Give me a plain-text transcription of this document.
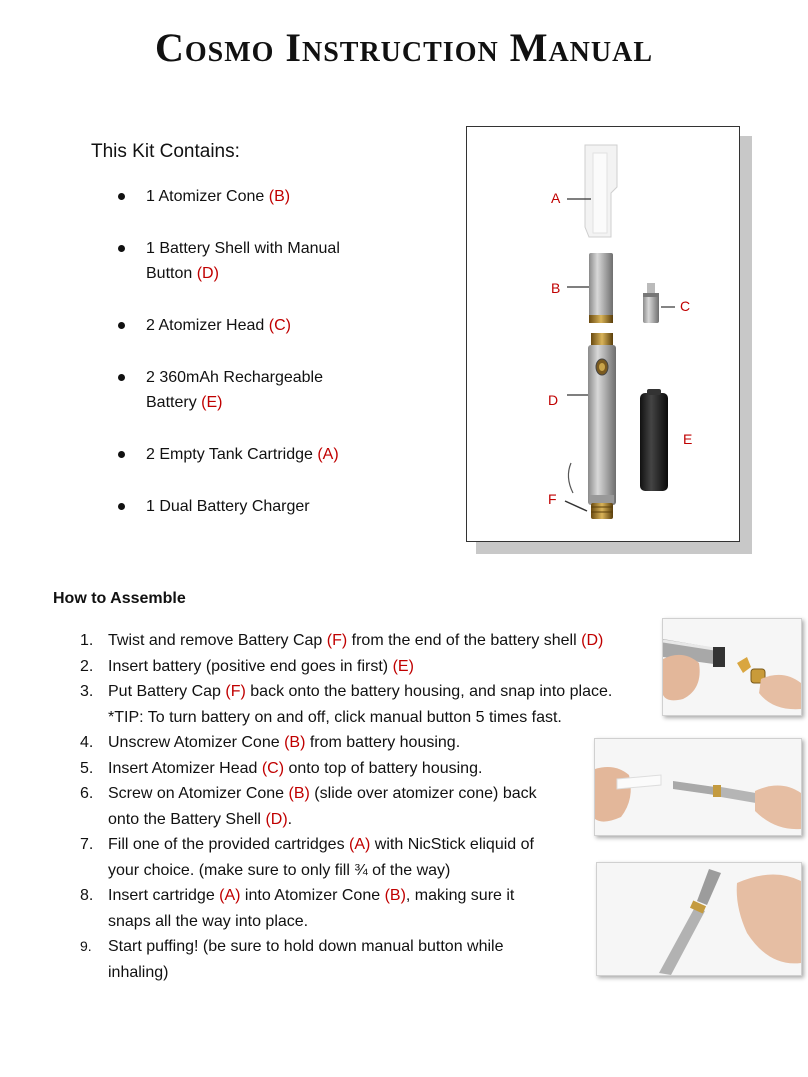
Cosmo Instruction Manual
This Kit Contains:
1 Atomizer Cone (B)
1 Battery Shell with Manual Button (D)
2 Atomizer Head (C)
2 360mAh Rechargeable Battery (E)
2 Empty Tank Cartridge (A)
1 Dual Battery Charger
A
B
C
D
E
F
How to Assemble
1. Twist and remove Battery Cap (F) from the end of the battery shell (D)
2. Insert battery (positive end goes in first) (E)
3. Put Battery Cap (F) back onto the battery housing, and snap into place. *TIP: To turn battery on and off, click manual button 5 times fast.
4. Unscrew Atomizer Cone (B) from battery housing.
5. Insert Atomizer Head (C) onto top of battery housing.
6. Screw on Atomizer Cone (B) (slide over atomizer cone) back onto the Battery Shell (D).
7. Fill one of the provided cartridges (A) with NicStick eliquid of your choice. (make sure to only fill ¾ of the way)
8. Insert cartridge (A) into Atomizer Cone (B), making sure it snaps all the way into place.
9. Start puffing! (be sure to hold down manual button while inhaling)
